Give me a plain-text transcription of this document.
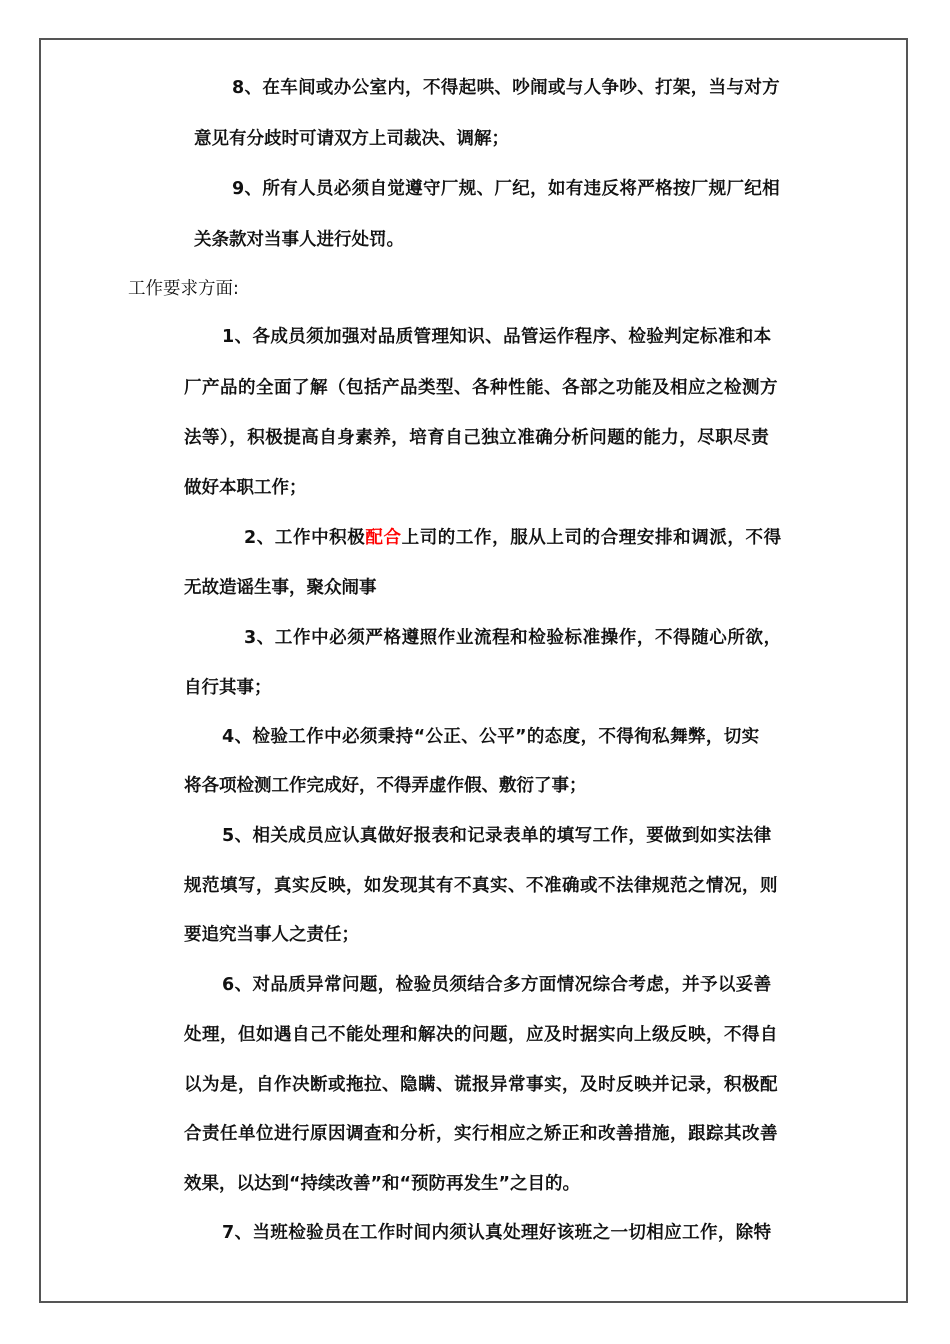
8、在车间或办公室内，不得起哄、吵闹或与人争吵、打架，当与对方
意见有分歧时可请双方上司裁决、调解；
9、所有人员必须自觉遵守厂规、厂纪，如有违反将严格按厂规厂纪相
关条款对当事人进行处罚。
工作要求方面:
1、各成员须加强对品质管理知识、品管运作程序、检验判定标准和本
厂产品的全面了解（包括产品类型、各种性能、各部之功能及相应之检测方
法等），积极提高自身素养，培育自己独立准确分析问题的能力，尽职尽责
做好本职工作；
2、工作中积极配合上司的工作，服从上司的合理安排和调派，不得
无故造谣生事，聚众闹事
3、工作中必须严格遵照作业流程和检验标准操作，不得随心所欲，
自行其事；
4、检验工作中必须秉持“公正、公平”的态度，不得徇私舞弊，切实
将各项检测工作完成好，不得弄虚作假、敷衍了事；
5、相关成员应认真做好报表和记录表单的填写工作，要做到如实法律
规范填写，真实反映，如发现其有不真实、不准确或不法律规范之情况，则
要追究当事人之责任；
6、对品质异常问题，检验员须结合多方面情况综合考虑，并予以妥善
处理，但如遇自己不能处理和解决的问题，应及时据实向上级反映，不得自
以为是，自作决断或拖拉、隐瞒、谎报异常事实，及时反映并记录，积极配
合责任单位进行原因调查和分析，实行相应之矫正和改善措施，跟踪其改善
效果，以达到“持续改善”和“预防再发生”之目的。
7、当班检验员在工作时间内须认真处理好该班之一切相应工作，除特
